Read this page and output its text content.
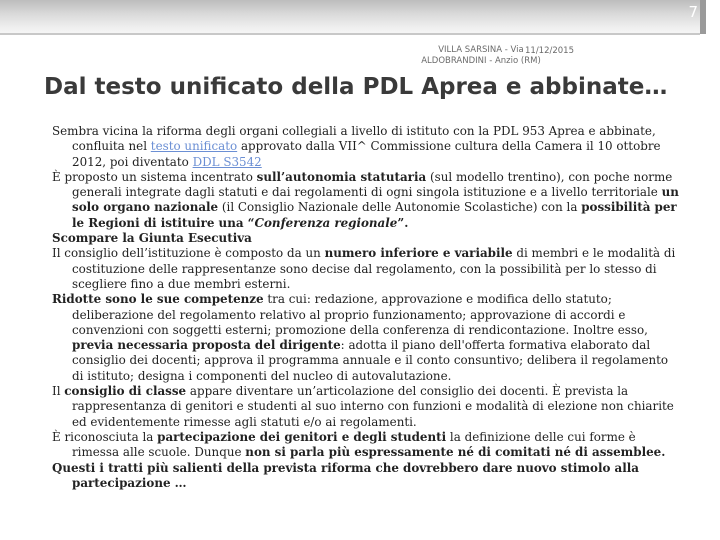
7
VILLA SARSINA - Via ALDOBRANDINI - Anzio (RM)
11/12/2015
Dal testo unificato della PDL Aprea e abbinate…

Sembra vicina la riforma degli organi collegiali a livello di istituto con la PDL 953 Aprea e abbinate, confluita nel testo unificato approvato dalla VII^ Commissione cultura della Camera il 10 ottobre 2012, poi diventato DDL S3542

È proposto un sistema incentrato sull’autonomia statutaria (sul modello trentino), con poche norme generali integrate dagli statuti e dai regolamenti di ogni singola istituzione e a livello territoriale un solo organo nazionale (il Consiglio Nazionale delle Autonomie Scolastiche) con la possibilità per le Regioni di istituire una “Conferenza regionale”.

Scompare la Giunta Esecutiva

Il consiglio dell’istituzione è composto da un numero inferiore e variabile di membri e le modalità di costituzione delle rappresentanze sono decise dal regolamento, con la possibilità per lo stesso di scegliere fino a due membri esterni.

Ridotte sono le sue competenze tra cui: redazione, approvazione e modifica dello statuto; deliberazione del regolamento relativo al proprio funzionamento; approvazione di accordi e convenzioni con soggetti esterni; promozione della conferenza di rendicontazione. Inoltre esso, previa necessaria proposta del dirigente: adotta il piano dell'offerta formativa elaborato dal consiglio dei docenti; approva il programma annuale e il conto consuntivo; delibera il regolamento di istituto; designa i componenti del nucleo di autovalutazione.

Il consiglio di classe appare diventare un’articolazione del consiglio dei docenti. È prevista la rappresentanza di genitori e studenti al suo interno con funzioni e modalità di elezione non chiarite ed evidentemente rimesse agli statuti e/o ai regolamenti.

È riconosciuta la partecipazione dei genitori e degli studenti la definizione delle cui forme è rimessa alle scuole. Dunque non si parla più espressamente né di comitati né di assemblee.

Questi i tratti più salienti della prevista riforma che dovrebbero dare nuovo stimolo alla partecipazione …
